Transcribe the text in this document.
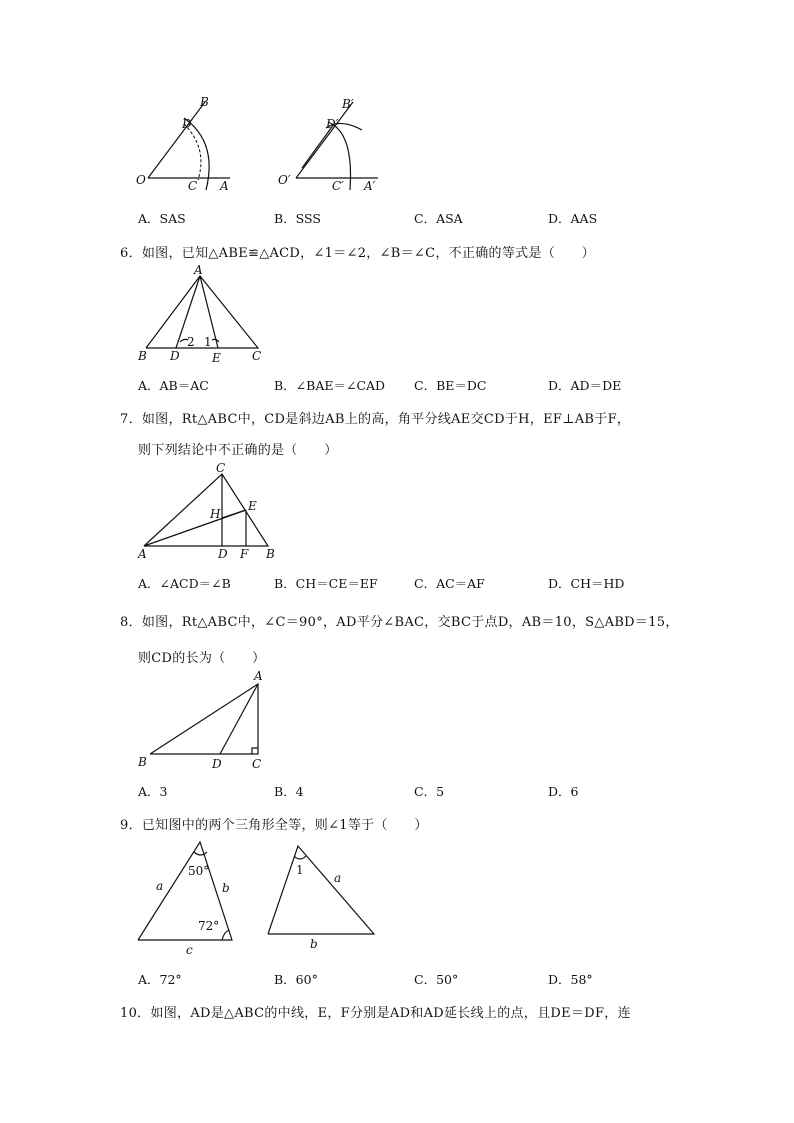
B
D
O	C A
B′
D′
O′	C′ A′
A．SAS	B．SSS	C．ASA	D．AAS
6．如图，已知△ABE≌△ACD，∠1＝∠2，∠B＝∠C，不正确的等式是（　　）
A
B D
2 1
E	C
A．AB＝AC	B．∠BAE＝∠CAD C．BE＝DC	D．AD＝DE
7．如图，Rt△ABC中，CD是斜边AB上的高，角平分线AE交CD于H，EF⊥AB于F，
则下列结论中不正确的是（　　）
C
H
E
A	D F B
A．∠ACD＝∠B	B．CH＝CE＝EF	C．AC＝AF	D．CH＝HD
8．如图，Rt△ABC中，∠C＝90°，AD平分∠BAC，交BC于点D，AB＝10，S△ABD＝15，
则CD的长为（　　）
A
B	D	C
A．3	B．4	C．5	D．6
9．已知图中的两个三角形全等，则∠1等于（　　）
50°
a	b
72°
c
1
a
b
A．72°	B．60°	C．50°	D．58°
10．如图，AD是△ABC的中线，E，F分别是AD和AD延长线上的点，且DE＝DF，连
